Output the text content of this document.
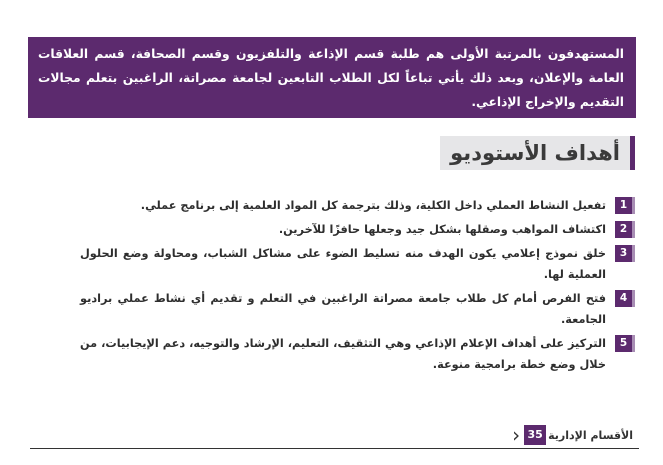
المستهدفون بالمرتبة الأولى هم طلبة قسم الإذاعة والتلفزيون وقسم الصحافة، قسم العلاقات العامة والإعلان، وبعد ذلك يأتي تباعاً لكل الطلاب التابعين لجامعة مصراتة، الراغبين بتعلم مجالات التقديم والإخراج الإذاعي.
أهداف الأستوديو
1
تفعيل النشاط العملي داخل الكلية، وذلك بترجمة كل المواد العلمية إلى برنامج عملي.
2
اكتشاف المواهب وصقلها بشكل جيد وجعلها حافزًا للآخرين.
3
خلق نموذج إعلامي يكون الهدف منه تسليط الضوء على مشاكل الشباب، ومحاولة وضع الحلول العملية لها.
4
فتح الفرص أمام كل طلاب جامعة مصراتة الراغبين في التعلم و تقديم أي نشاط عملي براديو الجامعة.
5
التركيز على أهداف الإعلام الإذاعي وهي التثقيف، التعليم، الإرشاد والتوجيه، دعم الإيجابيات، من خلال وضع خطة برامجية منوعة.
الأقسام الإدارية
35
‹
